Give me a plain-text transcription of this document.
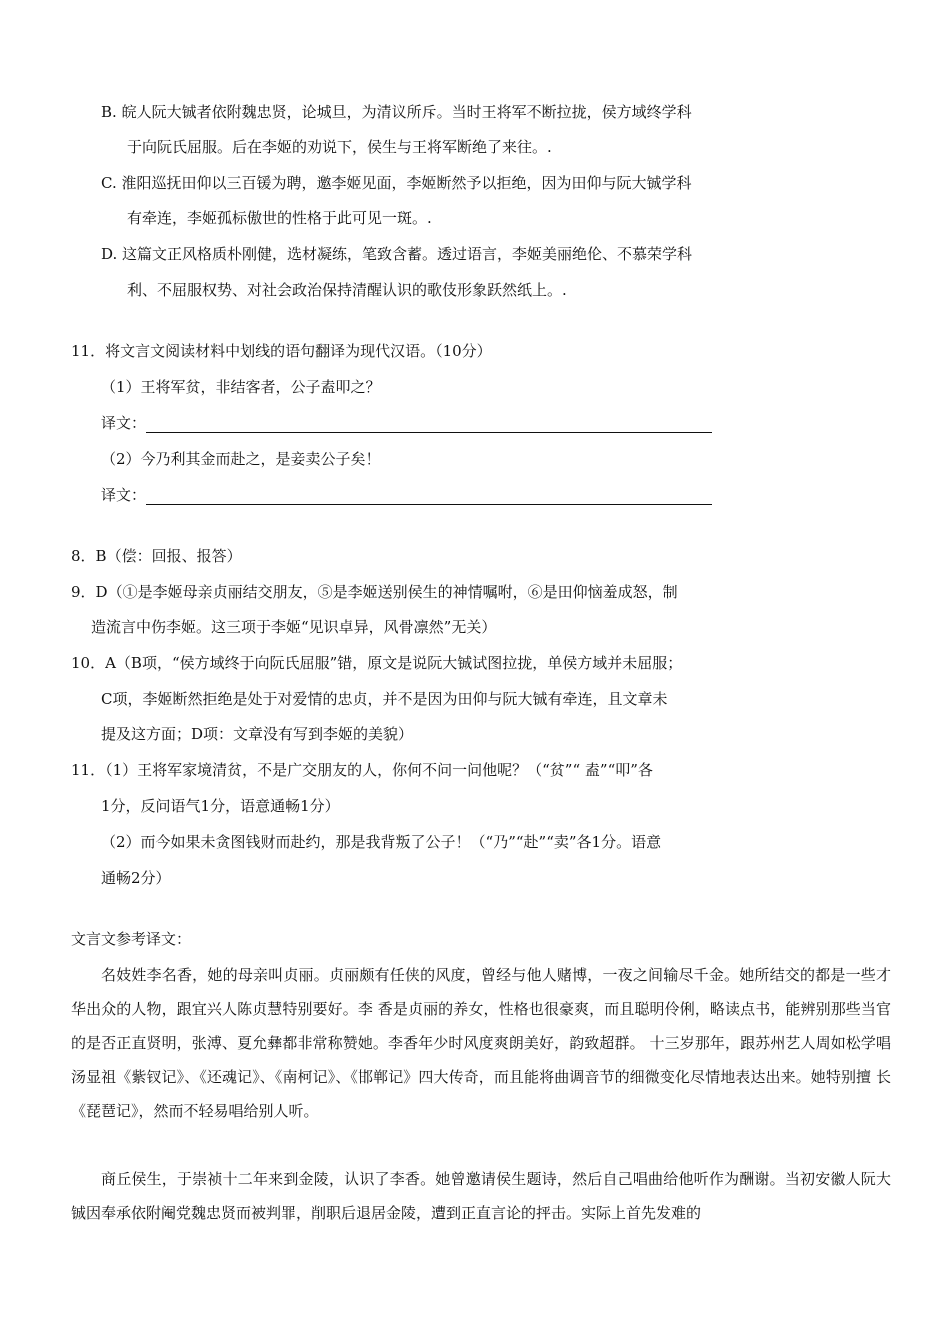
B. 皖人阮大铖者依附魏忠贤，论城旦，为清议所斥。当时王将军不断拉拢，侯方域终学科
于向阮氏屈服。后在李姬的劝说下，侯生与王将军断绝了来往。.
C. 淮阳巡抚田仰以三百锾为聘，邀李姬见面，李姬断然予以拒绝，因为田仰与阮大铖学科
有牵连，李姬孤标傲世的性格于此可见一斑。.
D. 这篇文正风格质朴刚健，选材凝练，笔致含蓄。透过语言，李姬美丽绝伦、不慕荣学科
利、不屈服权势、对社会政治保持清醒认识的歌伎形象跃然纸上。.
11．将文言文阅读材料中划线的语句翻译为现代汉语。（10分）
（1）王将军贫，非结客者，公子盍叩之？
译文：
（2）今乃利其金而赴之，是妾卖公子矣！
译文：
8．B（偿：回报、报答）
9．D（①是李姬母亲贞丽结交朋友，⑤是李姬送别侯生的神情嘱咐，⑥是田仰恼羞成怒，制
造流言中伤李姬。这三项于李姬“见识卓异，风骨凛然”无关）
10．A（B项，“侯方域终于向阮氏屈服”错，原文是说阮大铖试图拉拢，单侯方域并未屈服；
C项，李姬断然拒绝是处于对爱情的忠贞，并不是因为田仰与阮大铖有牵连，且文章未
提及这方面；D项：文章没有写到李姬的美貌）
11．（1）王将军家境清贫，不是广交朋友的人，你何不问一问他呢？（“贫”“ 盍”“叩”各
1分，反问语气1分，语意通畅1分）
（2）而今如果未贪图钱财而赴约，那是我背叛了公子！（“乃”“赴”“卖”各1分。语意
通畅2分）
文言文参考译文：
名妓姓李名香，她的母亲叫贞丽。贞丽颇有任侠的风度，曾经与他人赌博，一夜之间输尽千金。她所结交的都是一些才华出众的人物，跟宜兴人陈贞慧特别要好。李 香是贞丽的养女，性格也很豪爽，而且聪明伶俐，略读点书，能辨别那些当官的是否正直贤明，张溥、夏允彝都非常称赞她。李香年少时风度爽朗美好，韵致超群。 十三岁那年，跟苏州艺人周如松学唱汤显祖《紫钗记》、《还魂记》、《南柯记》、《邯郸记》四大传奇，而且能将曲调音节的细微变化尽情地表达出来。她特别擅 长《琵琶记》，然而不轻易唱给别人听。
商丘侯生，于崇祯十二年来到金陵，认识了李香。她曾邀请侯生题诗，然后自己唱曲给他听作为酬谢。当初安徽人阮大 铖因奉承依附阉党魏忠贤而被判罪，削职后退居金陵，遭到正直言论的抨击。实际上首先发难的
